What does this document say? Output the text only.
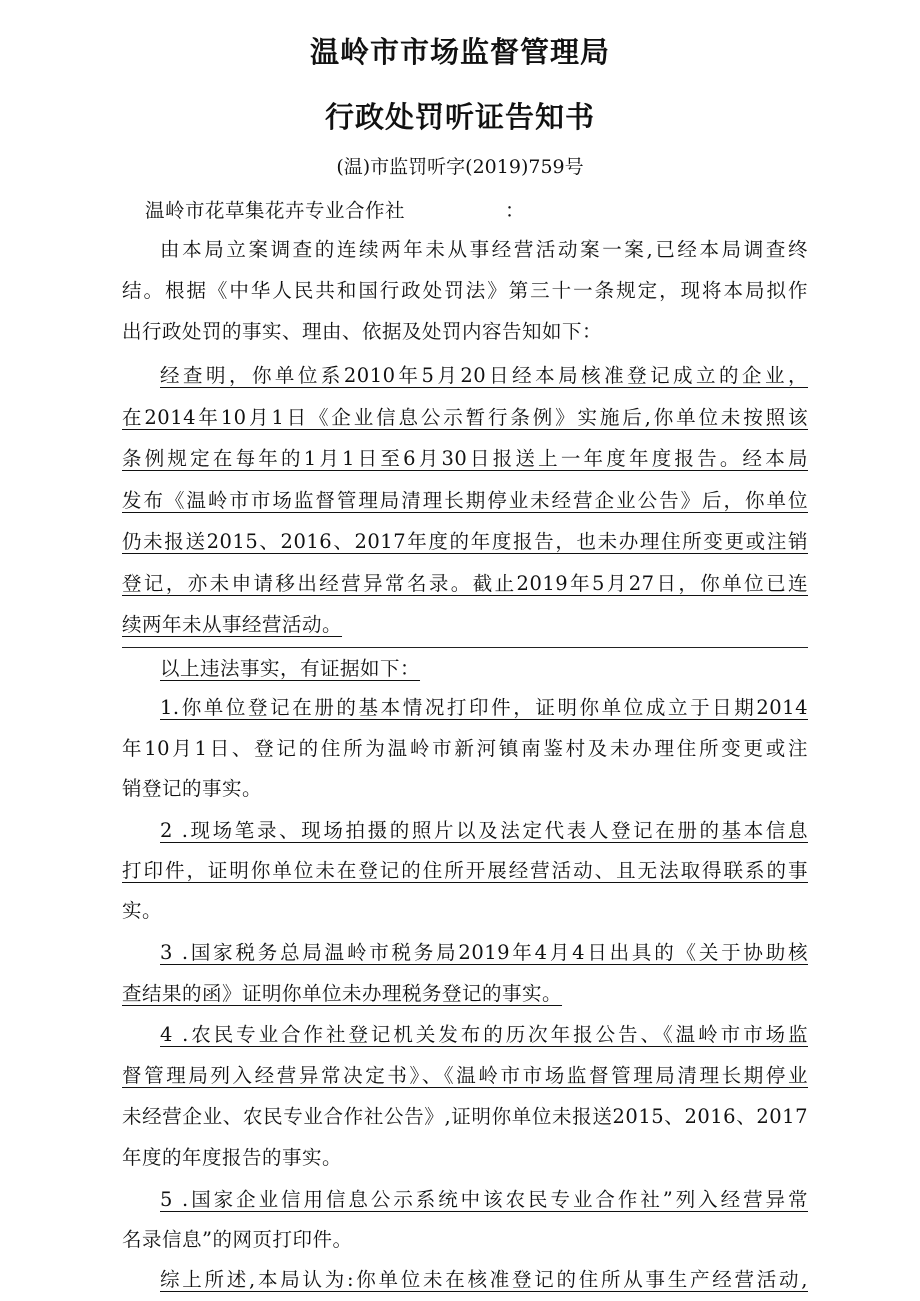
温岭市市场监督管理局
行政处罚听证告知书
(温)市监罚听字(2019)759号
温岭市花草集花卉专业合作社　　　　　：
由本局立案调查的连续两年未从事经营活动案一案,已经本局调查终
结。根据《中华人民共和国行政处罚法》第三十一条规定，现将本局拟作
出行政处罚的事实、理由、依据及处罚内容告知如下：
经查明，你单位系2010年5月20日经本局核准登记成立的企业，
在2014年10月1日《企业信息公示暂行条例》实施后,你单位未按照该
条例规定在每年的1月1日至6月30日报送上一年度年度报告。经本局
发布《温岭市市场监督管理局清理长期停业未经营企业公告》后，你单位
仍未报送2015、2016、2017年度的年度报告，也未办理住所变更或注销
登记，亦未申请移出经营异常名录。截止2019年5月27日，你单位已连
续两年未从事经营活动。
以上违法事实，有证据如下：
1.你单位登记在册的基本情况打印件，证明你单位成立于日期2014
年10月1日、登记的住所为温岭市新河镇南鉴村及未办理住所变更或注
销登记的事实。
2 .现场笔录、现场拍摄的照片以及法定代表人登记在册的基本信息
打印件，证明你单位未在登记的住所开展经营活动、且无法取得联系的事
实。
3 .国家税务总局温岭市税务局2019年4月4日出具的《关于协助核
查结果的函》证明你单位未办理税务登记的事实。
4 .农民专业合作社登记机关发布的历次年报公告、《温岭市市场监
督管理局列入经营异常决定书》、《温岭市市场监督管理局清理长期停业
未经营企业、农民专业合作社公告》,证明你单位未报送2015、2016、2017
年度的年度报告的事实。
5 .国家企业信用信息公示系统中该农民专业合作社”列入经营异常
名录信息”的网页打印件。
综上所述,本局认为:你单位未在核准登记的住所从事生产经营活动,
